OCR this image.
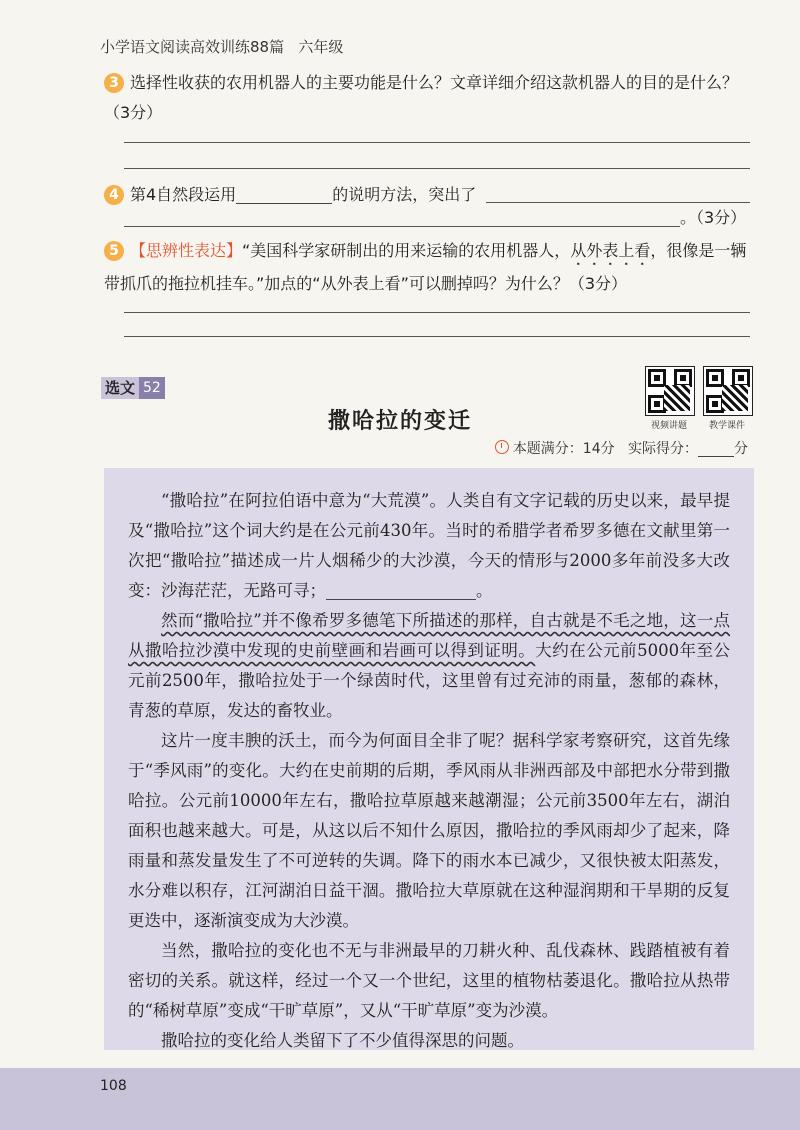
小学语文阅读高效训练88篇 六年级
3 选择性收获的农用机器人的主要功能是什么？文章详细介绍这款机器人的目的是什么？
（3分）
4 第4自然段运用	的说明方法，突出了
。（3分）
5 【思辨性表达】“美国科学家研制出的用来运输的农用机器人，从外表上看，很像是一辆带抓爪的拖拉机挂车。”加点的“从外表上看”可以删掉吗？为什么？（3分）
选文 52
视频讲题 教学课件
撒哈拉的变迁
本题满分：14分 实际得分：	分

“撒哈拉”在阿拉伯语中意为“大荒漠”。人类自有文字记载的历史以来，最早提及“撒哈拉”这个词大约是在公元前430年。当时的希腊学者希罗多德在文献里第一次把“撒哈拉”描述成一片人烟稀少的大沙漠，今天的情形与2000多年前没多大改变：沙海茫茫，无路可寻；	。

然而“撒哈拉”并不像希罗多德笔下所描述的那样，自古就是不毛之地，这一点从撒哈拉沙漠中发现的史前壁画和岩画可以得到证明。大约在公元前5000年至公元前2500年，撒哈拉处于一个绿茵时代，这里曾有过充沛的雨量，葱郁的森林，青葱的草原，发达的畜牧业。

这片一度丰腴的沃土，而今为何面目全非了呢？据科学家考察研究，这首先缘于“季风雨”的变化。大约在史前期的后期，季风雨从非洲西部及中部把水分带到撒哈拉。公元前10000年左右，撒哈拉草原越来越潮湿；公元前3500年左右，湖泊面积也越来越大。可是，从这以后不知什么原因，撒哈拉的季风雨却少了起来，降雨量和蒸发量发生了不可逆转的失调。降下的雨水本已减少，又很快被太阳蒸发，水分难以积存，江河湖泊日益干涸。撒哈拉大草原就在这种湿润期和干旱期的反复更迭中，逐渐演变成为大沙漠。

当然，撒哈拉的变化也不无与非洲最早的刀耕火种、乱伐森林、践踏植被有着密切的关系。就这样，经过一个又一个世纪，这里的植物枯萎退化。撒哈拉从热带的“稀树草原”变成“干旷草原”，又从“干旷草原”变为沙漠。

撒哈拉的变化给人类留下了不少值得深思的问题。

108
